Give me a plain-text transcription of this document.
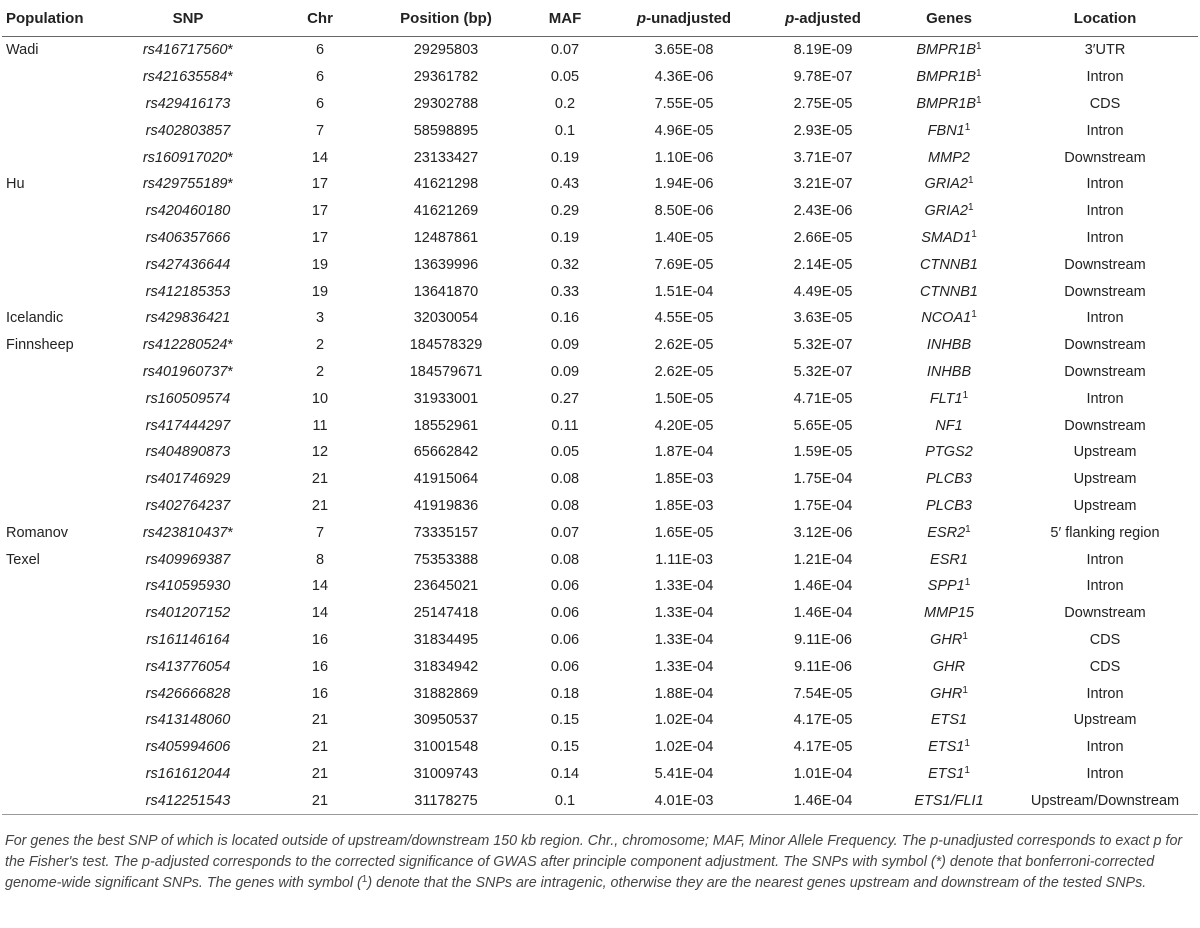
Population	SNP	Chr	Position (bp)	MAF	p-unadjusted	p-adjusted	Genes	Location
Wadi	rs416717560*	6	29295803	0.07	3.65E-08	8.19E-09	$BMPR1B^1$	3′UTR
	rs421635584*	6	29361782	0.05	4.36E-06	9.78E-07	$BMPR1B^1$	Intron
	rs429416173	6	29302788	0.2	7.55E-05	2.75E-05	$BMPR1B^1$	CDS
	rs402803857	7	58598895	0.1	4.96E-05	2.93E-05	$FBN1^1$	Intron
	rs160917020*	14	23133427	0.19	1.10E-06	3.71E-07	MMP2	Downstream
Hu	rs429755189*	17	41621298	0.43	1.94E-06	3.21E-07	$GRIA2^1$	Intron
	rs420460180	17	41621269	0.29	8.50E-06	2.43E-06	$GRIA2^1$	Intron
	rs406357666	17	12487861	0.19	1.40E-05	2.66E-05	$SMAD1^1$	Intron
	rs427436644	19	13639996	0.32	7.69E-05	2.14E-05	CTNNB1	Downstream
	rs412185353	19	13641870	0.33	1.51E-04	4.49E-05	CTNNB1	Downstream
Icelandic	rs429836421	3	32030054	0.16	4.55E-05	3.63E-05	$NCOA1^1$	Intron
Finnsheep	rs412280524*	2	184578329	0.09	2.62E-05	5.32E-07	INHBB	Downstream
	rs401960737*	2	184579671	0.09	2.62E-05	5.32E-07	INHBB	Downstream
	rs160509574	10	31933001	0.27	1.50E-05	4.71E-05	$FLT1^1$	Intron
	rs417444297	11	18552961	0.11	4.20E-05	5.65E-05	NF1	Downstream
	rs404890873	12	65662842	0.05	1.87E-04	1.59E-05	PTGS2	Upstream
	rs401746929	21	41915064	0.08	1.85E-03	1.75E-04	PLCB3	Upstream
	rs402764237	21	41919836	0.08	1.85E-03	1.75E-04	PLCB3	Upstream
Romanov	rs423810437*	7	73335157	0.07	1.65E-05	3.12E-06	$ESR2^1$	5′ flanking region
Texel	rs409969387	8	75353388	0.08	1.11E-03	1.21E-04	ESR1	Intron
	rs410595930	14	23645021	0.06	1.33E-04	1.46E-04	$SPP1^1$	Intron
	rs401207152	14	25147418	0.06	1.33E-04	1.46E-04	MMP15	Downstream
	rs161146164	16	31834495	0.06	1.33E-04	9.11E-06	GHR$^1$	CDS
	rs413776054	16	31834942	0.06	1.33E-04	9.11E-06	GHR	CDS
	rs426666828	16	31882869	0.18	1.88E-04	7.54E-05	GHR$^1$	Intron
	rs413148060	21	30950537	0.15	1.02E-04	4.17E-05	ETS1	Upstream
	rs405994606	21	31001548	0.15	1.02E-04	4.17E-05	$ETS1^1$	Intron
	rs161612044	21	31009743	0.14	5.41E-04	1.01E-04	$ETS1^1$	Intron
	rs412251543	21	31178275	0.1	4.01E-03	1.46E-04	ETS1/FLI1	Upstream/Downstream
For genes the best SNP of which is located outside of upstream/downstream 150 kb region. Chr., chromosome; MAF, Minor Allele Frequency. The p-unadjusted corresponds to exact p for the Fisher's test. The p-adjusted corresponds to the corrected significance of GWAS after principle component adjustment. The SNPs with symbol (*) denote that bonferroni-corrected genome-wide significant SNPs. The genes with symbol ($^1$) denote that the SNPs are intragenic, otherwise they are the nearest genes upstream and downstream of the tested SNPs.
